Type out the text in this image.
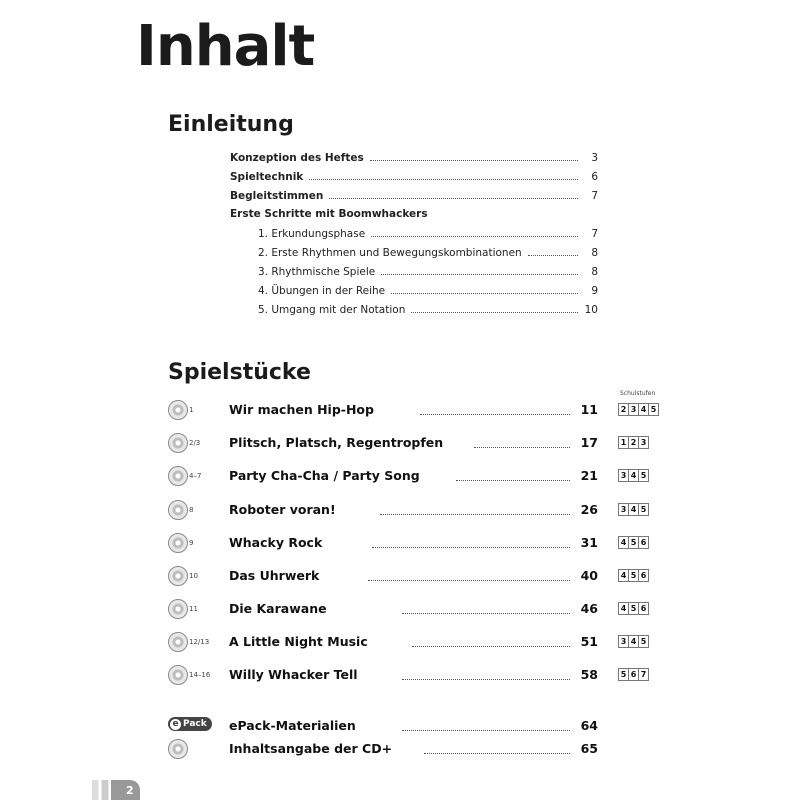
Inhalt
Einleitung
Konzeption des Heftes	3
Spieltechnik	6
Begleitstimmen	7
Erste Schritte mit Boomwhackers
1. Erkundungsphase	7
2. Erste Rhythmen und Bewegungskombinationen	8
3. Rhythmische Spiele	8
4. Übungen in der Reihe	9
5. Umgang mit der Notation	10
Spielstücke
Schulstufen
1	Wir machen Hip-Hop	11	2 3 4 5
2/3 Plitsch, Platsch, Regentropfen	17	1 2 3
4–7 Party Cha-Cha / Party Song	21	3 4 5
8	Roboter voran!	26	3 4 5
9	Whacky Rock	31	4 5 6
10 Das Uhrwerk	40	4 5 6
11 Die Karawane	46	4 5 6
12/13 A Little Night Music	51	3 4 5
14–16 Willy Whacker Tell	58	5 6 7
e Pack ePack-Materialien	64
Inhaltsangabe der CD+	65
2
